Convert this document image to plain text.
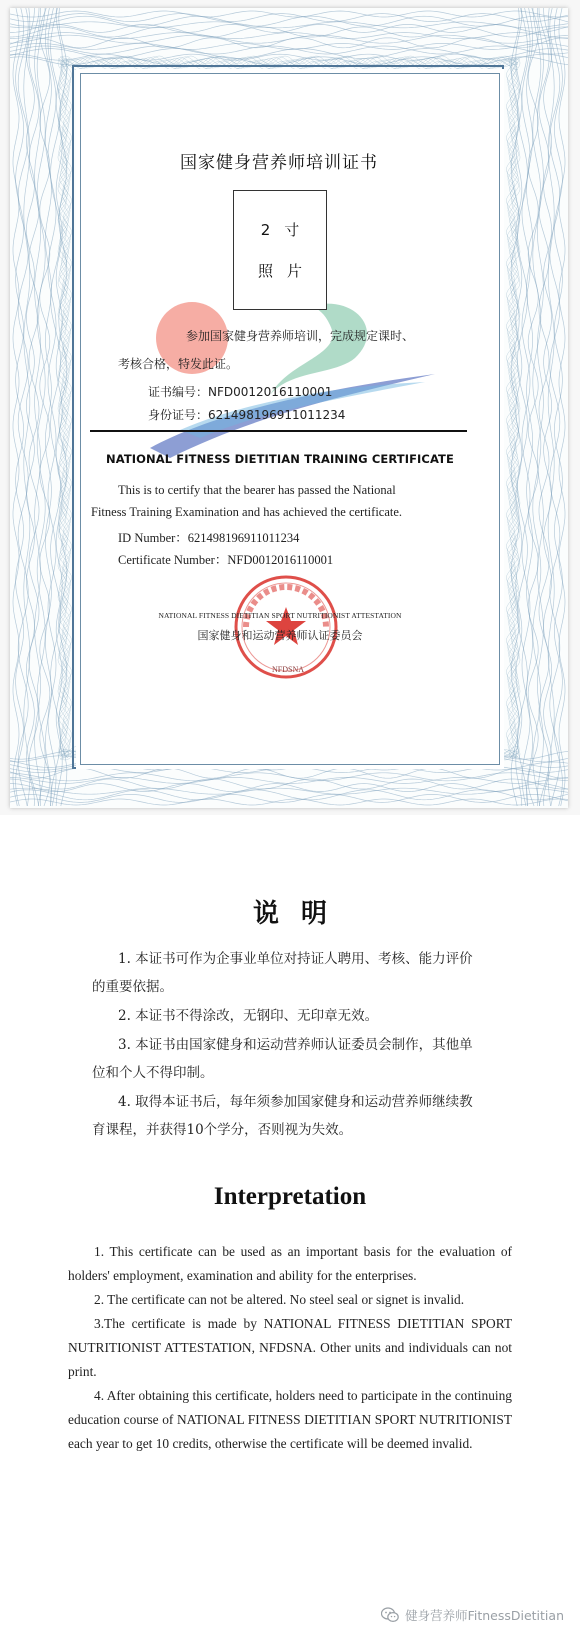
国家健身营养师培训证书
2寸
照片
参加国家健身营养师培训，完成规定课时、
考核合格，特发此证。
证书编号：NFD0012016110001
身份证号：621498196911011234
NATIONAL FITNESS DIETITIAN TRAINING CERTIFICATE
This is to certify that the bearer has passed the National
Fitness Training Examination and has achieved the certificate.
ID Number：621498196911011234
Certificate Number：NFD0012016110001
NATIONAL FITNESS DIETITIAN SPORT NUTRITIONIST ATTESTATION
国家健身和运动营养师认证委员会
NFDSNA
说明
1. 本证书可作为企事业单位对持证人聘用、考核、能力评价
的重要依据。
2. 本证书不得涂改，无钢印、无印章无效。
3. 本证书由国家健身和运动营养师认证委员会制作，其他单
位和个人不得印制。
4. 取得本证书后，每年须参加国家健身和运动营养师继续教
育课程，并获得10个学分，否则视为失效。
Interpretation
1. This certificate can be used as an important basis for the evaluation of holders' employment, examination and ability for the enterprises.
2. The certificate can not be altered. No steel seal or signet is invalid.
3.The certificate is made by NATIONAL FITNESS DIETITIAN SPORT NUTRITIONIST ATTESTATION, NFDSNA. Other units and individuals can not print.
4. After obtaining this certificate, holders need to participate in the continuing education course of NATIONAL FITNESS DIETITIAN SPORT NUTRITIONIST each year to get 10 credits, otherwise the certificate will be deemed invalid.
健身营养师FitnessDietitian
